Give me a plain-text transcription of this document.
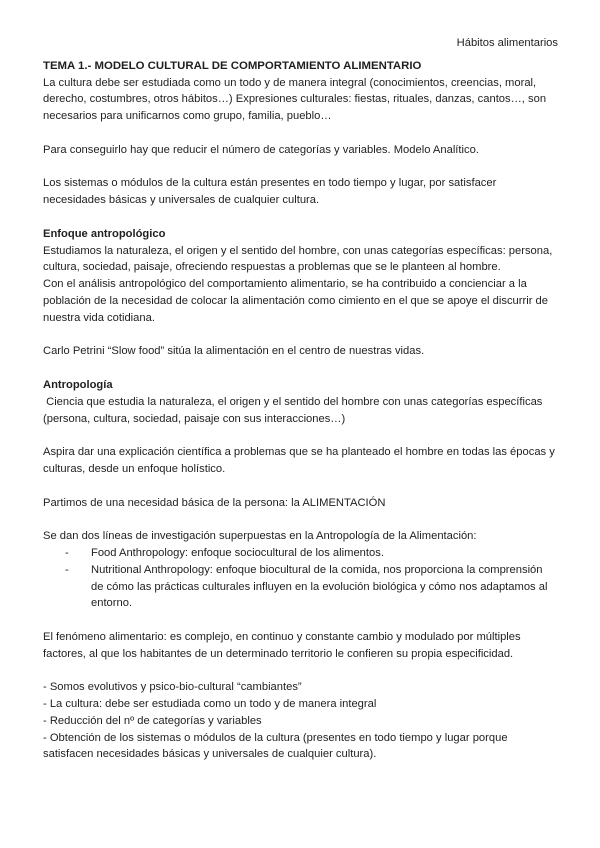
Hábitos alimentarios
TEMA 1.- MODELO CULTURAL DE COMPORTAMIENTO ALIMENTARIO

La cultura debe ser estudiada como un todo y de manera integral (conocimientos, creencias, moral, derecho, costumbres, otros hábitos…) Expresiones culturales: fiestas, rituales, danzas, cantos…, son necesarios para unificarnos como grupo, familia, pueblo…

Para conseguirlo hay que reducir el número de categorías y variables. Modelo Analítico.

Los sistemas o módulos de la cultura están presentes en todo tiempo y lugar, por satisfacer necesidades básicas y universales de cualquier cultura.

Enfoque antropológico

Estudiamos la naturaleza, el origen y el sentido del hombre, con unas categorías específicas: persona, cultura, sociedad, paisaje, ofreciendo respuestas a problemas que se le planteen al hombre.

Con el análisis antropológico del comportamiento alimentario, se ha contribuido a concienciar a la población de la necesidad de colocar la alimentación como cimiento en el que se apoye el discurrir de nuestra vida cotidiana.

Carlo Petrini “Slow food” sitúa la alimentación en el centro de nuestras vidas.

Antropología

Ciencia que estudia la naturaleza, el origen y el sentido del hombre con unas categorías específicas (persona, cultura, sociedad, paisaje con sus interacciones…)

Aspira dar una explicación científica a problemas que se ha planteado el hombre en todas las épocas y culturas, desde un enfoque holístico.

Partimos de una necesidad básica de la persona: la ALIMENTACIÓN

Se dan dos líneas de investigación superpuestas en la Antropología de la Alimentación:

- Food Anthropology: enfoque sociocultural de los alimentos.
- Nutritional Anthropology: enfoque biocultural de la comida, nos proporciona la comprensión de cómo las prácticas culturales influyen en la evolución biológica y cómo nos adaptamos al entorno.

El fenómeno alimentario: es complejo, en continuo y constante cambio y modulado por múltiples factores, al que los habitantes de un determinado territorio le confieren su propia especificidad.

- Somos evolutivos y psico-bio-cultural “cambiantes”

- La cultura: debe ser estudiada como un todo y de manera integral

- Reducción del nº de categorías y variables

- Obtención de los sistemas o módulos de la cultura (presentes en todo tiempo y lugar porque satisfacen necesidades básicas y universales de cualquier cultura).
